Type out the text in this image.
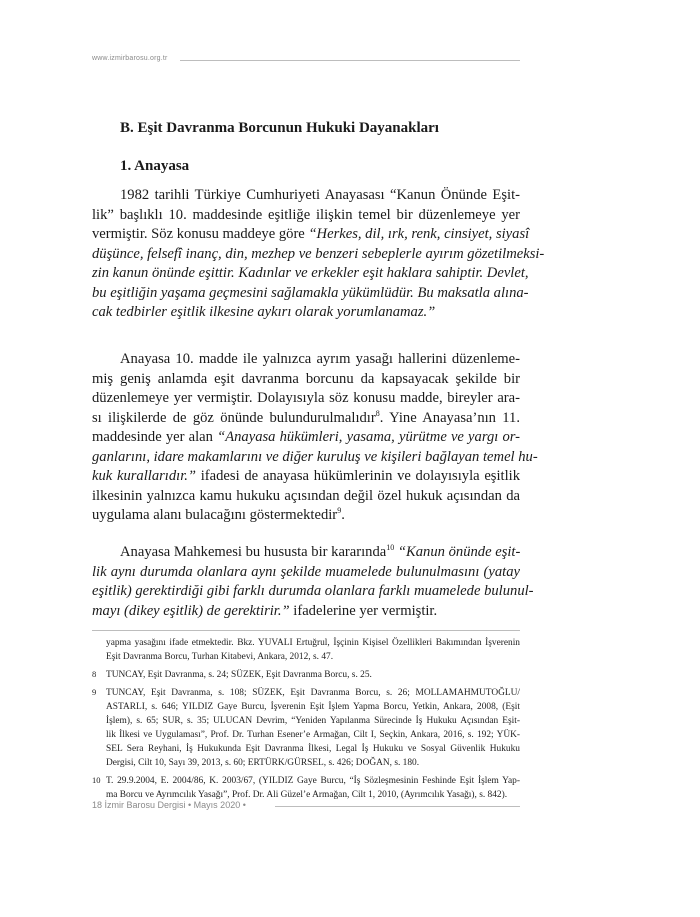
www.izmirbarosu.org.tr
B. Eşit Davranma Borcunun Hukuki Dayanakları
1. Anayasa
1982 tarihli Türkiye Cumhuriyeti Anayasası “Kanun Önünde Eşit-
lik” başlıklı 10. maddesinde eşitliğe ilişkin temel bir düzenlemeye yer
vermiştir. Söz konusu maddeye göre “Herkes, dil, ırk, renk, cinsiyet, siyasî
düşünce, felsefî inanç, din, mezhep ve benzeri sebeplerle ayırım gözetilmeksi-
zin kanun önünde eşittir. Kadınlar ve erkekler eşit haklara sahiptir. Devlet,
bu eşitliğin yaşama geçmesini sağlamakla yükümlüdür. Bu maksatla alına-
cak tedbirler eşitlik ilkesine aykırı olarak yorumlanamaz.”
Anayasa 10. madde ile yalnızca ayrım yasağı hallerini düzenleme-
miş geniş anlamda eşit davranma borcunu da kapsayacak şekilde bir
düzenlemeye yer vermiştir. Dolayısıyla söz konusu madde, bireyler ara-
sı ilişkilerde de göz önünde bulundurulmalıdır$^8$. Yine Anayasa’nın 11.
maddesinde yer alan “Anayasa hükümleri, yasama, yürütme ve yargı or-
ganlarını, idare makamlarını ve diğer kuruluş ve kişileri bağlayan temel hu-
kuk kurallarıdır.” ifadesi de anayasa hükümlerinin ve dolayısıyla eşitlik
ilkesinin yalnızca kamu hukuku açısından değil özel hukuk açısından da
uygulama alanı bulacağını göstermektedir$^9$.
Anayasa Mahkemesi bu hususta bir kararında$^{10}$ “Kanun önünde eşit-
lik aynı durumda olanlara aynı şekilde muamelede bulunulmasını (yatay
eşitlik) gerektirdiği gibi farklı durumda olanlara farklı muamelede bulunul-
mayı (dikey eşitlik) de gerektirir.” ifadelerine yer vermiştir.
yapma yasağını ifade etmektedir. Bkz. YUVALI Ertuğrul, İşçinin Kişisel Özellikleri Bakımından İşverenin
Eşit Davranma Borcu, Turhan Kitabevi, Ankara, 2012, s. 47.
8 TUNCAY, Eşit Davranma, s. 24; SÜZEK, Eşit Davranma Borcu, s. 25.
9 TUNCAY, Eşit Davranma, s. 108; SÜZEK, Eşit Davranma Borcu, s. 26; MOLLAMAHMUTOĞLU/
ASTARLI, s. 646; YILDIZ Gaye Burcu, İşverenin Eşit İşlem Yapma Borcu, Yetkin, Ankara, 2008, (Eşit
İşlem), s. 65; SUR, s. 35; ULUCAN Devrim, “Yeniden Yapılanma Sürecinde İş Hukuku Açısından Eşit-
lik İlkesi ve Uygulaması”, Prof. Dr. Turhan Esener’e Armağan, Cilt I, Seçkin, Ankara, 2016, s. 192; YÜK-
SEL Sera Reyhani, İş Hukukunda Eşit Davranma İlkesi, Legal İş Hukuku ve Sosyal Güvenlik Hukuku
Dergisi, Cilt 10, Sayı 39, 2013, s. 60; ERTÜRK/GÜRSEL, s. 426; DOĞAN, s. 180.
10 T. 29.9.2004, E. 2004/86, K. 2003/67, (YILDIZ Gaye Burcu, “İş Sözleşmesinin Feshinde Eşit İşlem Yap-
ma Borcu ve Ayrımcılık Yasağı”, Prof. Dr. Ali Güzel’e Armağan, Cilt 1, 2010, (Ayrımcılık Yasağı), s. 842).
18 İzmir Barosu Dergisi • Mayıs 2020 •
